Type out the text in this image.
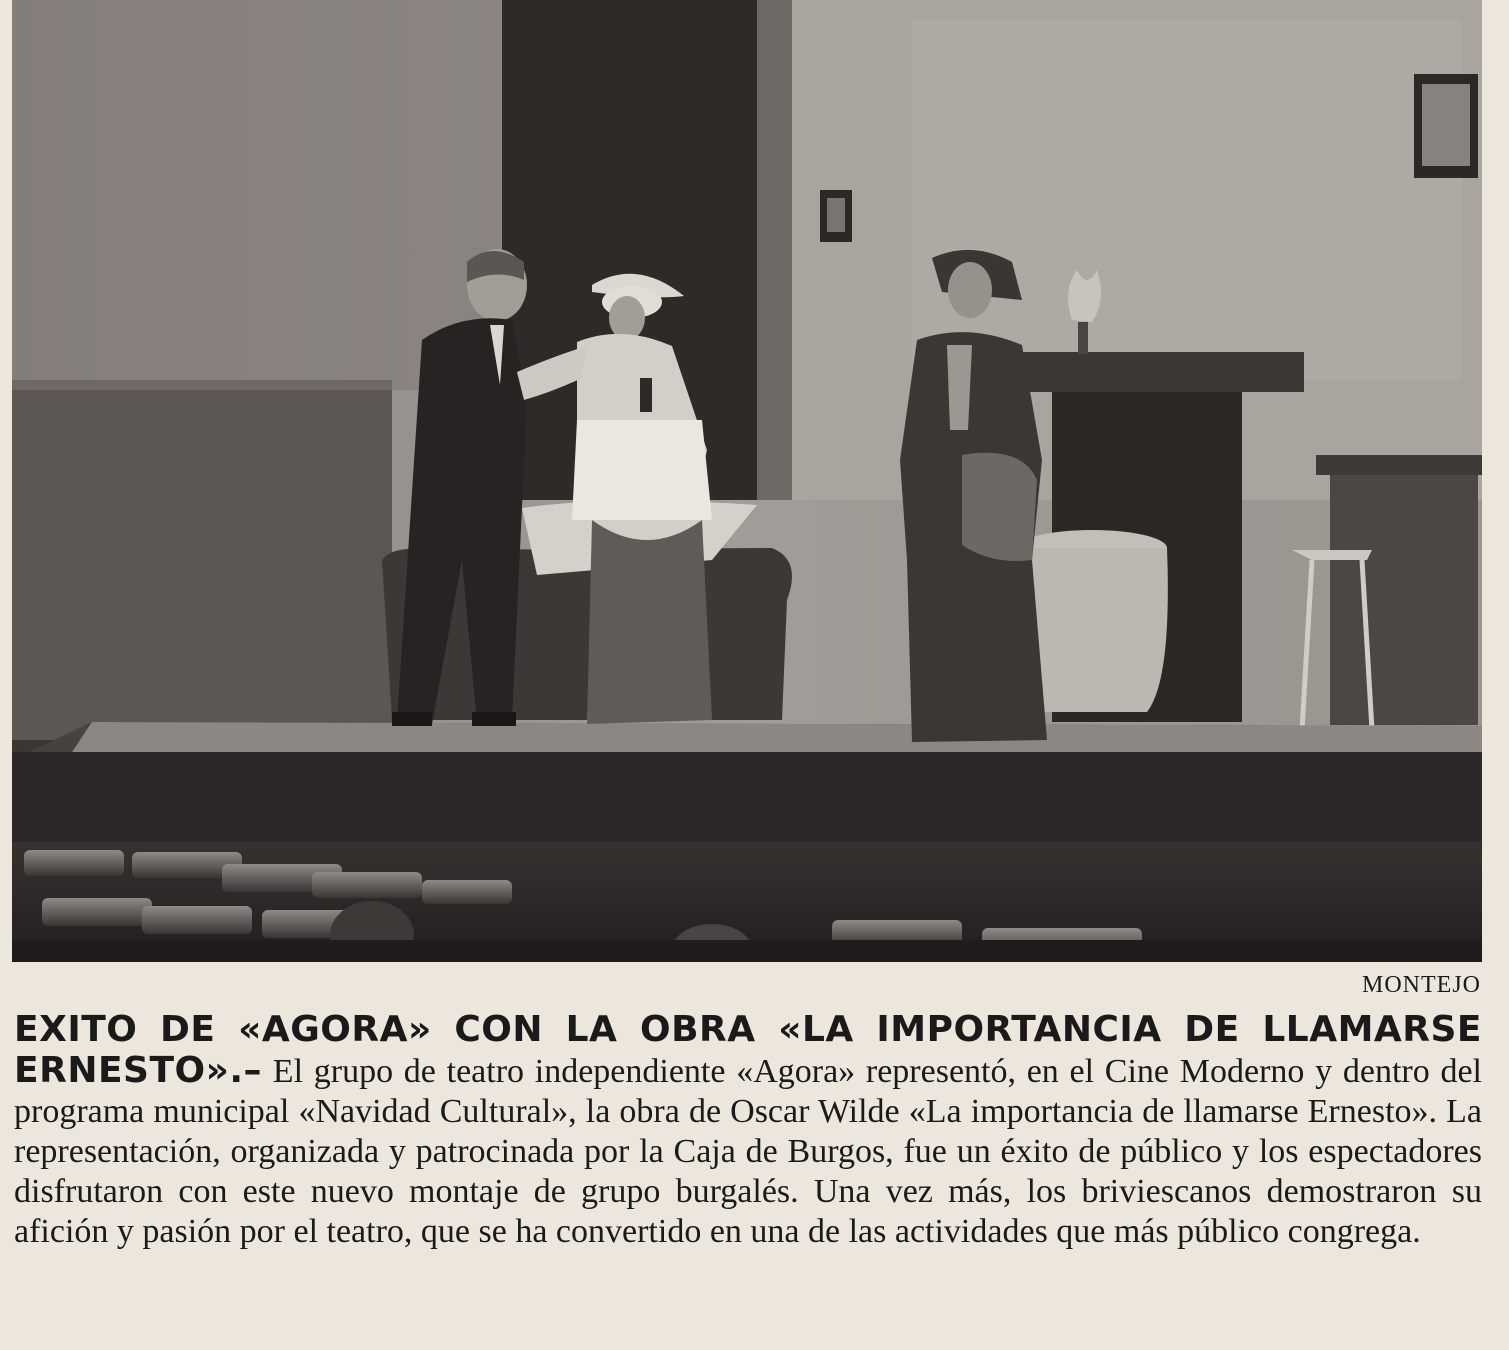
MONTEJO
EXITO DE «AGORA» CON LA OBRA «LA IMPORTANCIA DE LLAMARSE ERNESTO».– El grupo de teatro independiente «Agora» representó, en el Cine Moderno y dentro del programa municipal «Navidad Cultural», la obra de Oscar Wilde «La importancia de llamarse Ernesto». La representación, organizada y patrocinada por la Caja de Burgos, fue un éxito de público y los espectadores disfrutaron con este nuevo montaje de grupo burgalés. Una vez más, los briviescanos demostraron su afición y pasión por el teatro, que se ha convertido en una de las actividades que más público congrega.
